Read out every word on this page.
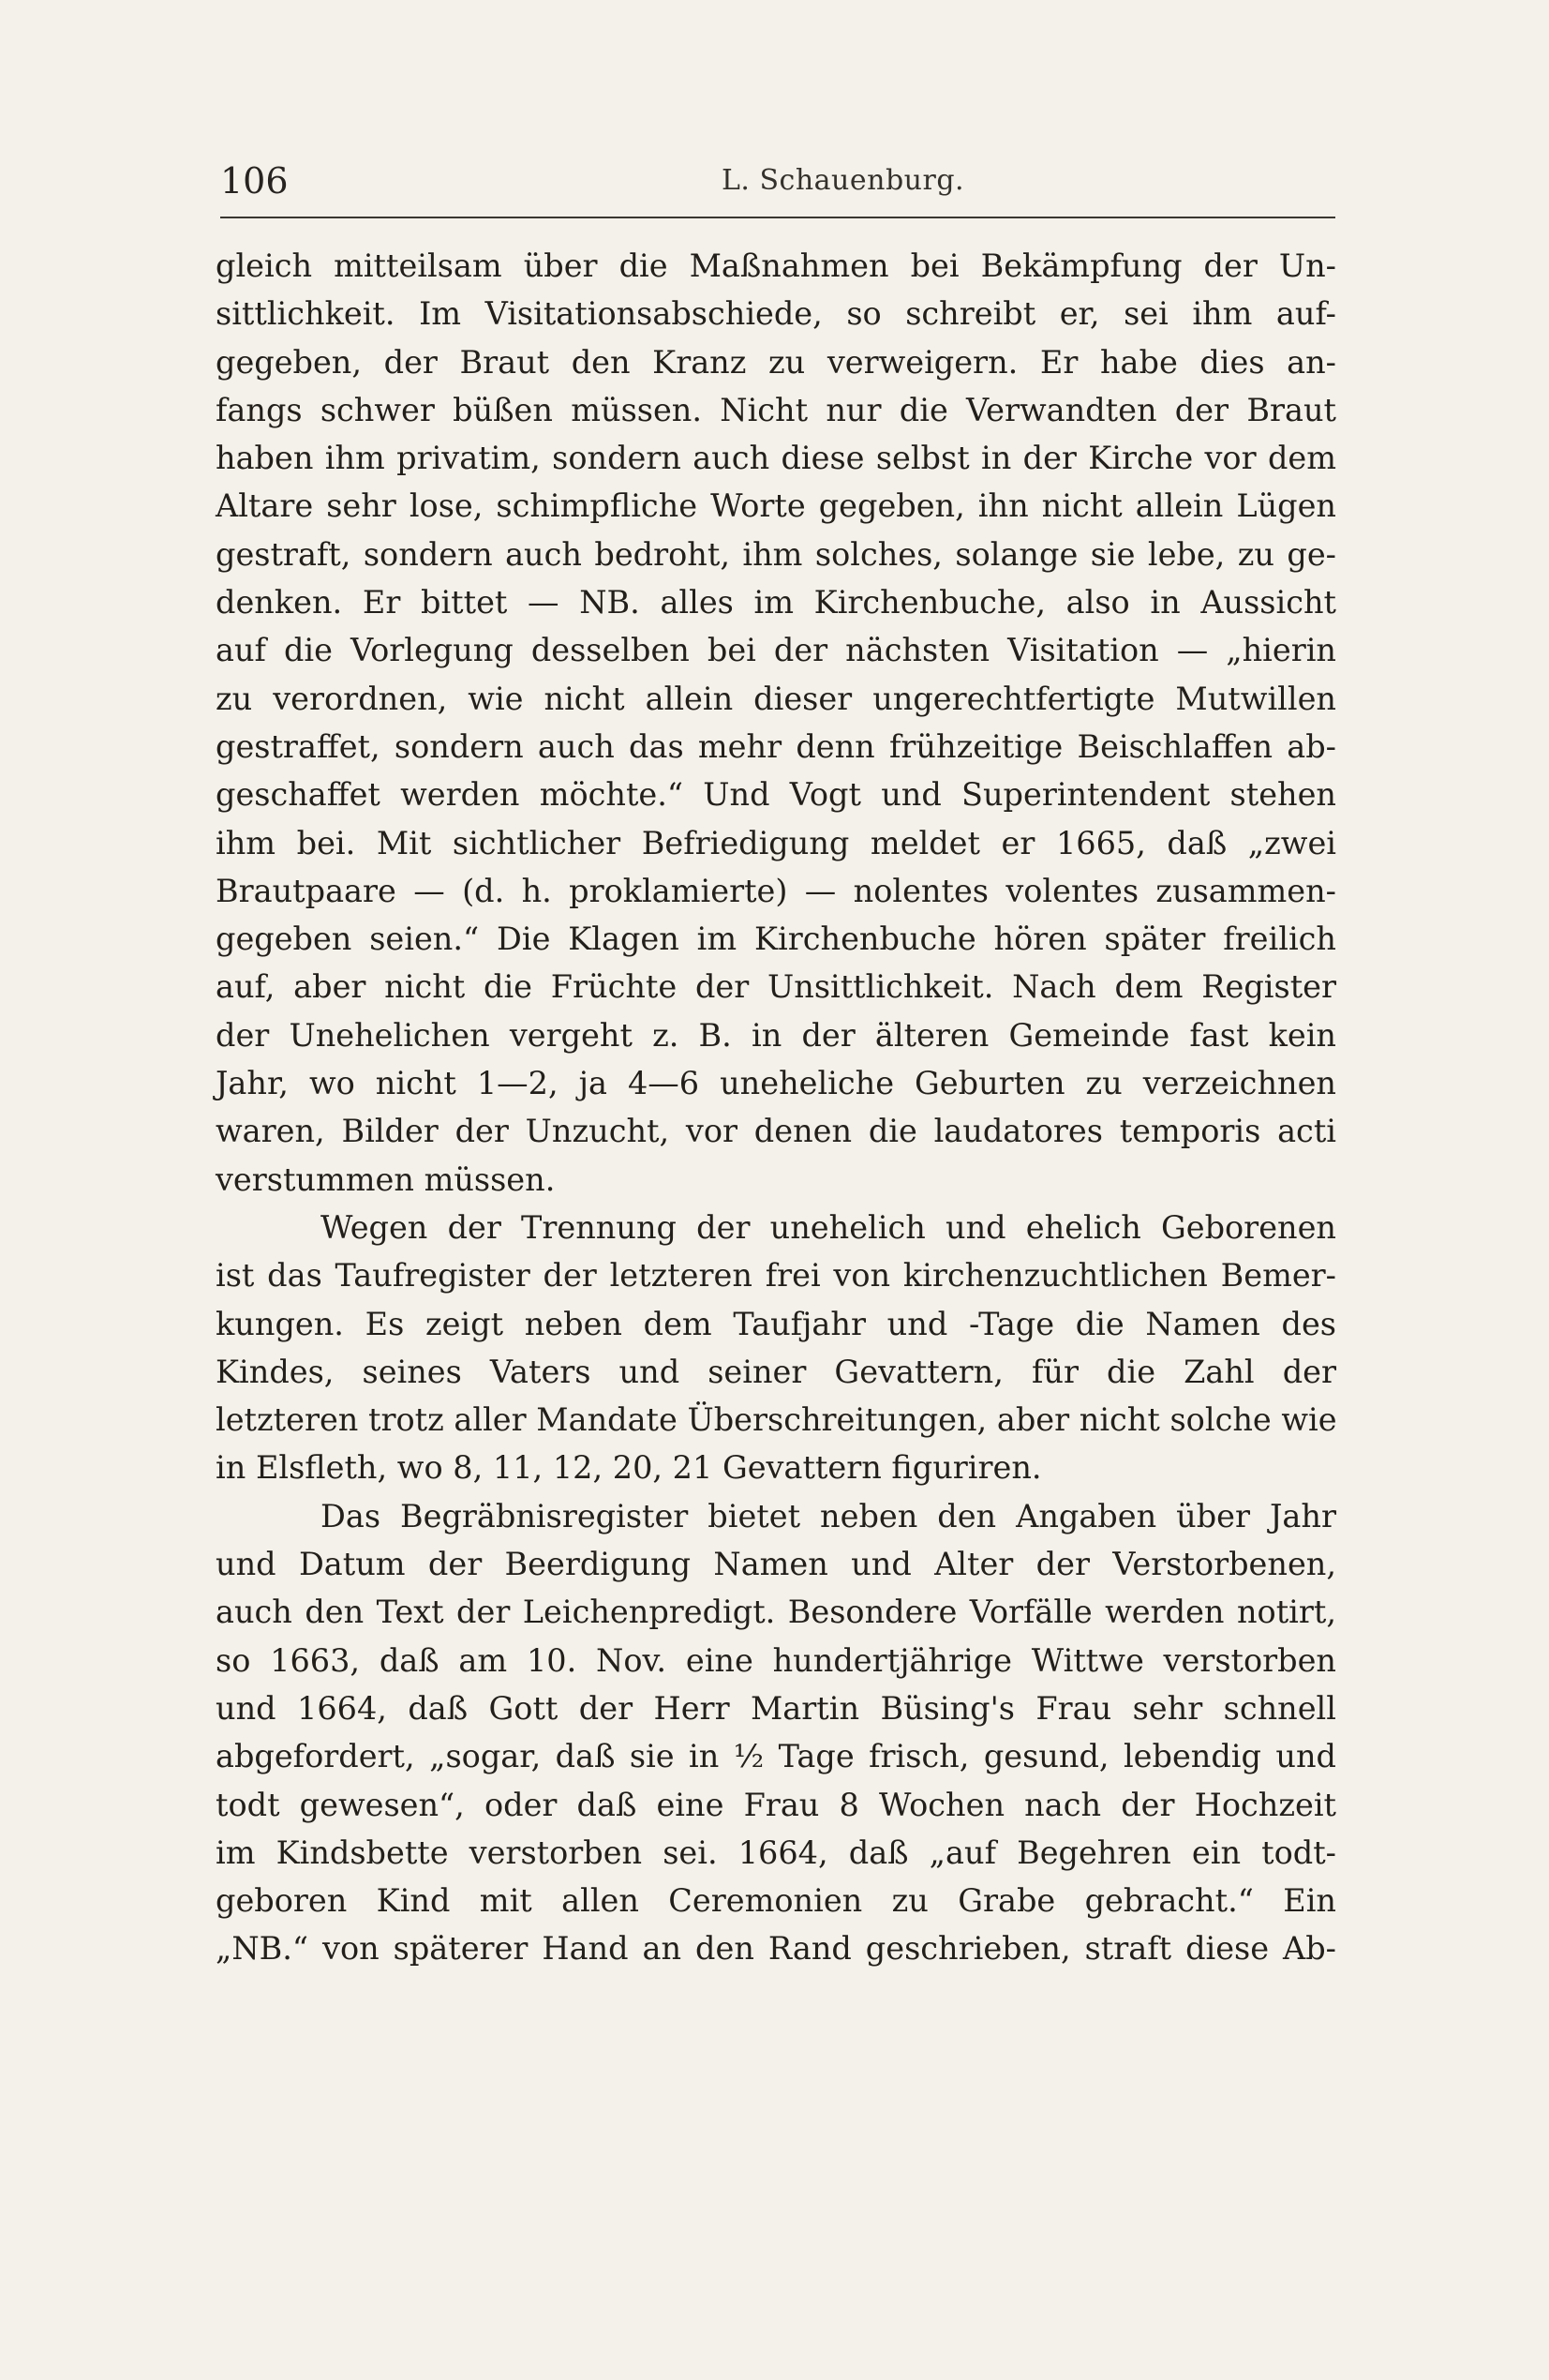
106	L. Schauenburg.
gleich mitteilsam über die Maßnahmen bei Bekämpfung der Un-
sittlichkeit. Im Visitationsabschiede, so schreibt er, sei ihm auf-
gegeben, der Braut den Kranz zu verweigern. Er habe dies an-
fangs schwer büßen müssen. Nicht nur die Verwandten der Braut
haben ihm privatim, sondern auch diese selbst in der Kirche vor dem
Altare sehr lose, schimpfliche Worte gegeben, ihn nicht allein Lügen
gestraft, sondern auch bedroht, ihm solches, solange sie lebe, zu ge-
denken. Er bittet — NB. alles im Kirchenbuche, also in Aussicht
auf die Vorlegung desselben bei der nächsten Visitation — „hierin
zu verordnen, wie nicht allein dieser ungerechtfertigte Mutwillen
gestraffet, sondern auch das mehr denn frühzeitige Beischlaffen ab-
geschaffet werden möchte.“ Und Vogt und Superintendent stehen
ihm bei. Mit sichtlicher Befriedigung meldet er 1665, daß „zwei
Brautpaare — (d. h. proklamierte) — nolentes volentes zusammen-
gegeben seien.“ Die Klagen im Kirchenbuche hören später freilich
auf, aber nicht die Früchte der Unsittlichkeit. Nach dem Register
der Unehelichen vergeht z. B. in der älteren Gemeinde fast kein
Jahr, wo nicht 1—2, ja 4—6 uneheliche Geburten zu verzeichnen
waren, Bilder der Unzucht, vor denen die laudatores temporis acti
verstummen müssen.
Wegen der Trennung der unehelich und ehelich Geborenen
ist das Taufregister der letzteren frei von kirchenzuchtlichen Bemer-
kungen. Es zeigt neben dem Taufjahr und -Tage die Namen des
Kindes, seines Vaters und seiner Gevattern, für die Zahl der
letzteren trotz aller Mandate Überschreitungen, aber nicht solche wie
in Elsfleth, wo 8, 11, 12, 20, 21 Gevattern figuriren.
Das Begräbnisregister bietet neben den Angaben über Jahr
und Datum der Beerdigung Namen und Alter der Verstorbenen,
auch den Text der Leichenpredigt. Besondere Vorfälle werden notirt,
so 1663, daß am 10. Nov. eine hundertjährige Wittwe verstorben
und 1664, daß Gott der Herr Martin Büsing's Frau sehr schnell
abgefordert, „sogar, daß sie in ½ Tage frisch, gesund, lebendig und
todt gewesen“, oder daß eine Frau 8 Wochen nach der Hochzeit
im Kindsbette verstorben sei. 1664, daß „auf Begehren ein todt-
geboren Kind mit allen Ceremonien zu Grabe gebracht.“ Ein
„NB.“ von späterer Hand an den Rand geschrieben, straft diese Ab-
